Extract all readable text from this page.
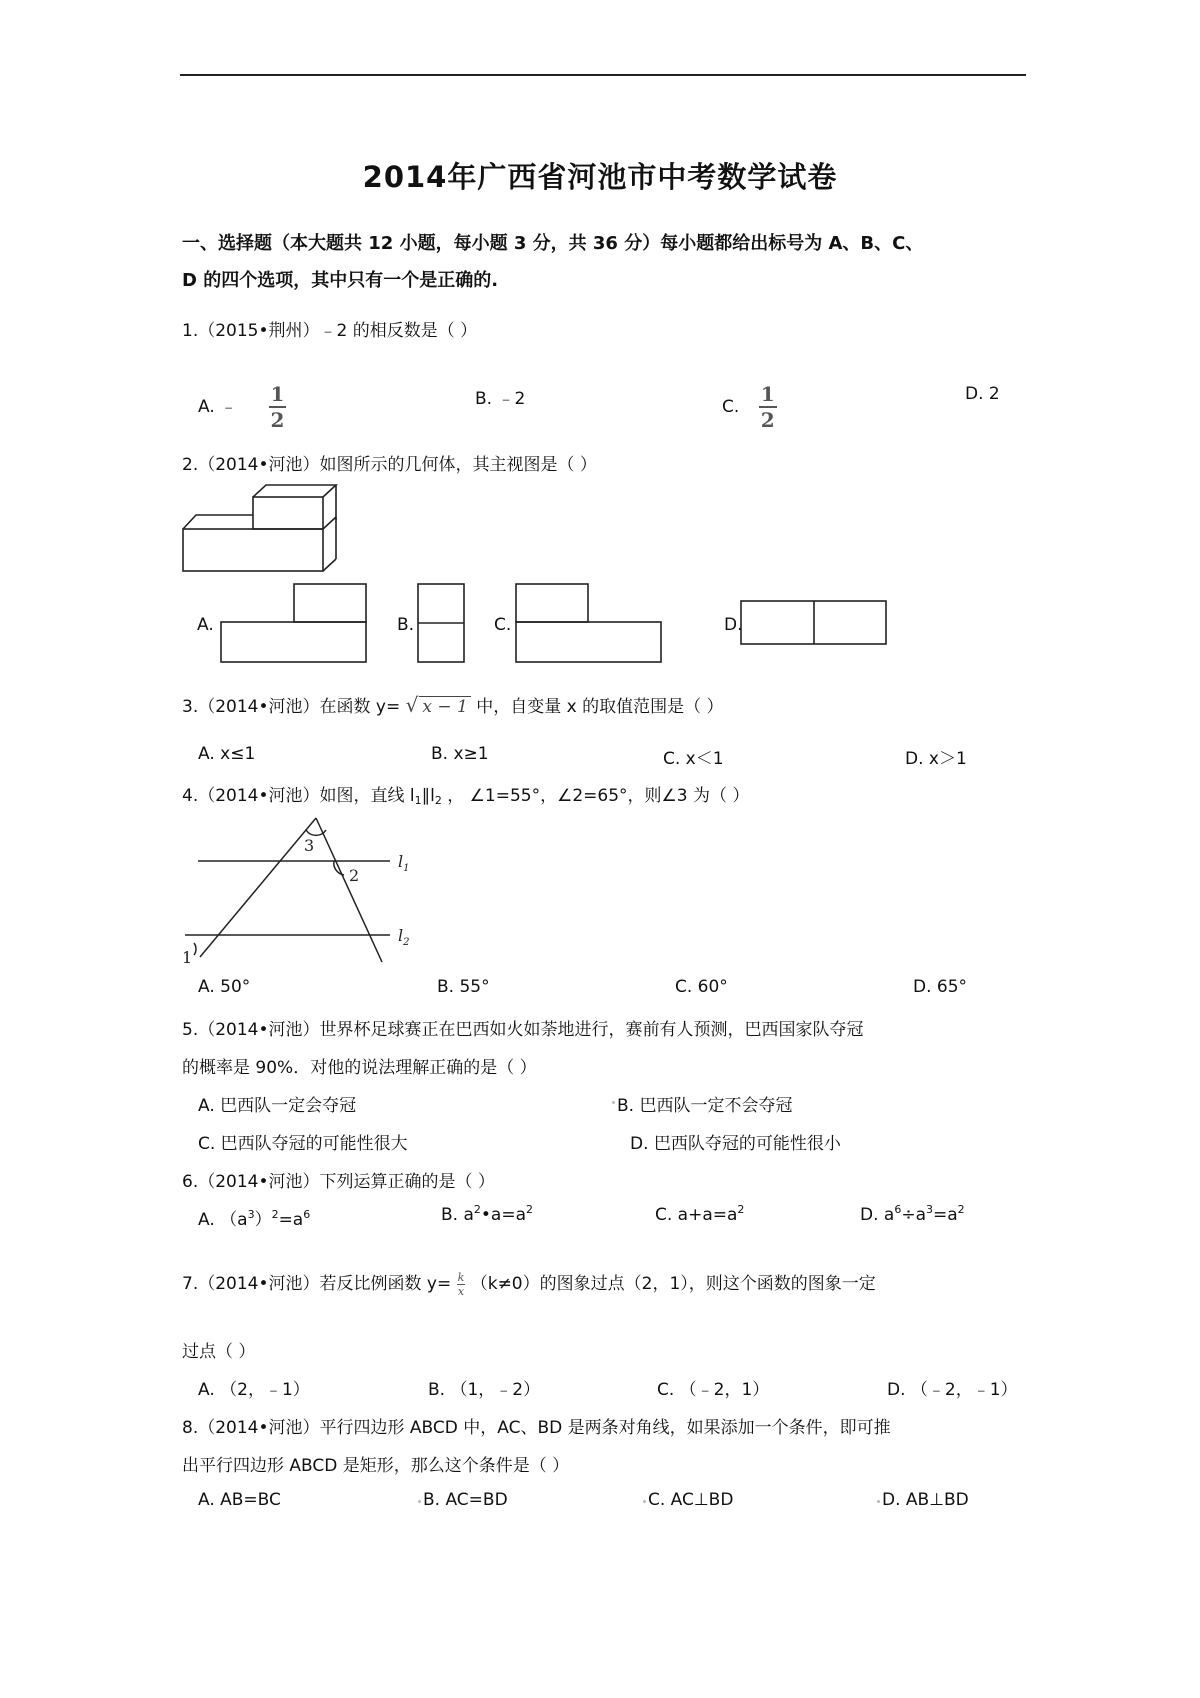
2014年广西省河池市中考数学试卷
一、选择题（本大题共 12 小题，每小题 3 分，共 36 分）每小题都给出标号为 A、B、C、
D 的四个选项，其中只有一个是正确的.
1.（2015•荆州）﹣2 的相反数是（ ）
A. ﹣ $\frac{1}{2}$	B. ﹣2	C. $\frac{1}{2}$	D. 2
2.（2014•河池）如图所示的几何体，其主视图是（ ）
A.	B.	C.	D.
3.（2014•河池）在函数 y= √ x − 1 中，自变量 x 的取值范围是（ ）
A. x≤1	B. x≥1	C. x＜1	D. x＞1
4.（2014•河池）如图，直线 $l_1\parallel l_2$ ， ∠1=55°，∠2=65°，则∠3 为（ ）
3
2
1
$l_1$
$l_2$
A. 50°	B. 55°	C. 60°	D. 65°
5.（2014•河池）世界杯足球赛正在巴西如火如荼地进行，赛前有人预测，巴西国家队夺冠
的概率是 90%．对他的说法理解正确的是（ ）
A. 巴西队一定会夺冠	B. 巴西队一定不会夺冠
C. 巴西队夺冠的可能性很大	D. 巴西队夺冠的可能性很小
6.（2014•河池）下列运算正确的是（ ）
A. $(a^3)^2=a^6$	B. $a^2•a=a^2$	C. $a+a=a^2$	D. $a^6\div a^3=a^2$
7.（2014•河池）若反比例函数 $y= \frac{k}{x} (k\ne 0)$的图象过点（2，1），则这个函数的图象一定
过点（ ）
A. （2，﹣1）	B. （1，﹣2）	C. （﹣2，1）	D. （﹣2，﹣1）
8.（2014•河池）平行四边形 ABCD 中，AC、BD 是两条对角线，如果添加一个条件，即可推
出平行四边形 ABCD 是矩形，那么这个条件是（ ）
A. AB=BC	B. AC=BD	C. AC⊥BD	D. AB⊥BD
